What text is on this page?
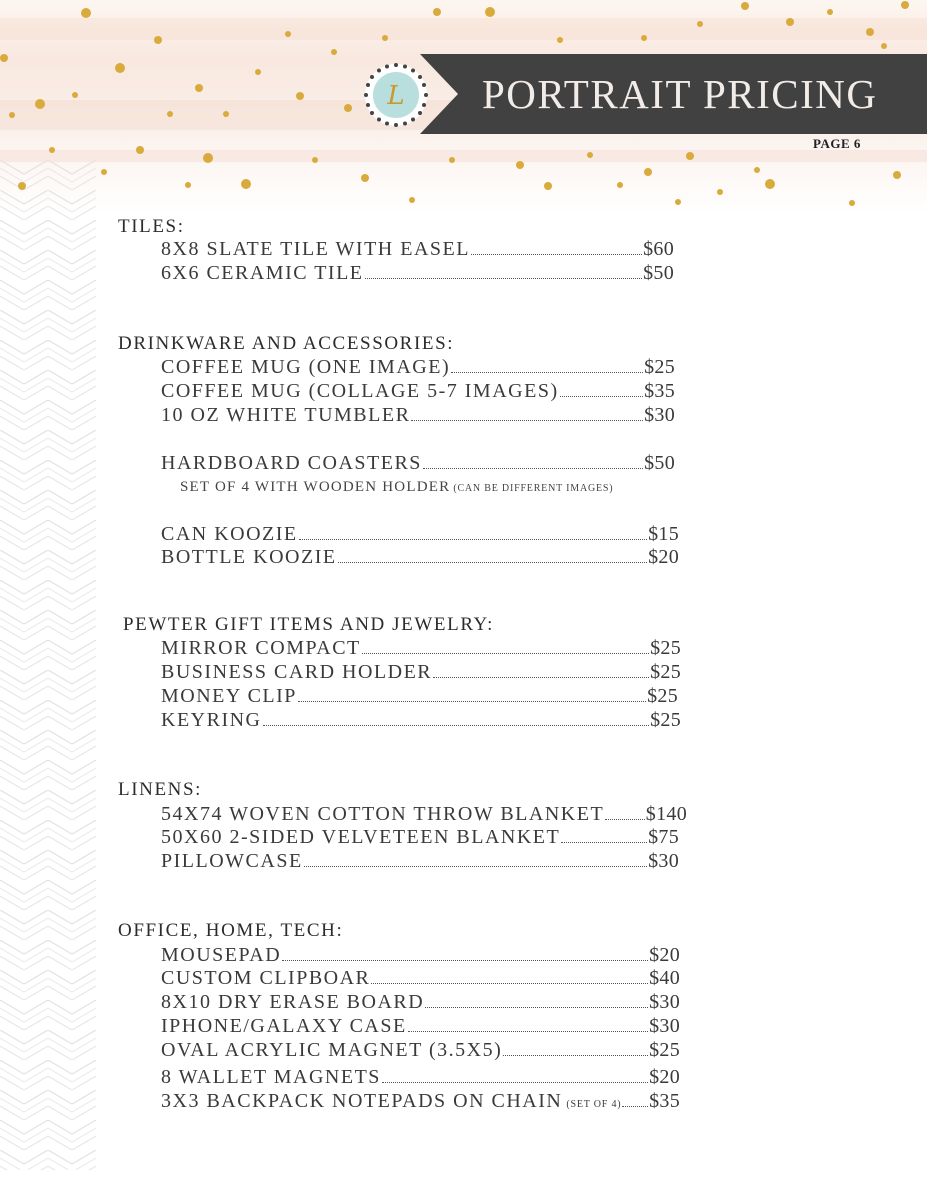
PORTRAIT PRICING
L
PAGE 6
TILES:
8X8 SLATE TILE WITH EASEL	$60
6X6 CERAMIC TILE	$50
DRINKWARE AND ACCESSORIES:
COFFEE MUG (ONE IMAGE)	$25
COFFEE MUG (COLLAGE 5-7 IMAGES)	$35
10 OZ WHITE TUMBLER	$30
HARDBOARD COASTERS	$50
SET OF 4 WITH WOODEN HOLDER (CAN BE DIFFERENT IMAGES)
CAN KOOZIE	$15
BOTTLE KOOZIE	$20
PEWTER GIFT ITEMS AND JEWELRY:
MIRROR COMPACT	$25
BUSINESS CARD HOLDER	$25
MONEY CLIP	$25
KEYRING	$25
LINENS:
54X74 WOVEN COTTON THROW BLANKET $140
50X60 2-SIDED VELVETEEN BLANKET	$75
PILLOWCASE	$30
OFFICE, HOME, TECH:
MOUSEPAD	$20
CUSTOM CLIPBOAR	$40
8X10 DRY ERASE BOARD	$30
IPHONE/GALAXY CASE	$30
OVAL ACRYLIC MAGNET (3.5X5)	$25
8 WALLET MAGNETS	$20
3X3 BACKPACK NOTEPADS ON CHAIN (SET OF 4) $35
